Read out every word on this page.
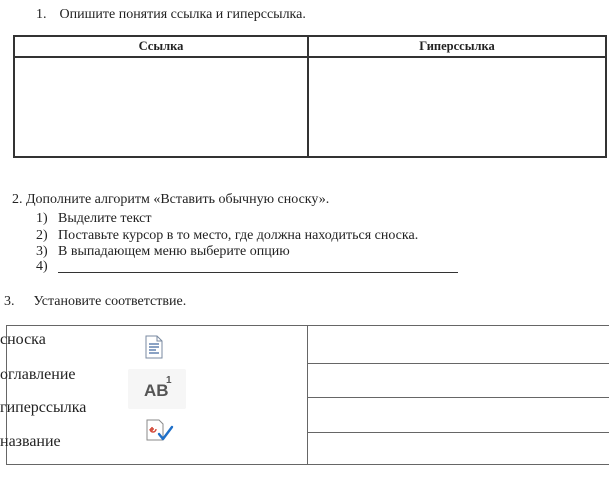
1. Опишите понятия ссылка и гиперссылка.
Ссылка	Гиперссылка
2. Дополните алгоритм «Вставить обычную сноску».
1) Выделите текст
2) Поставьте курсор в то место, где должна находиться сноска.
3) В выпадающем меню выберите опцию
4)
3. Установите соответствие.
сноска
оглавление
гиперссылка
название
AB
1
